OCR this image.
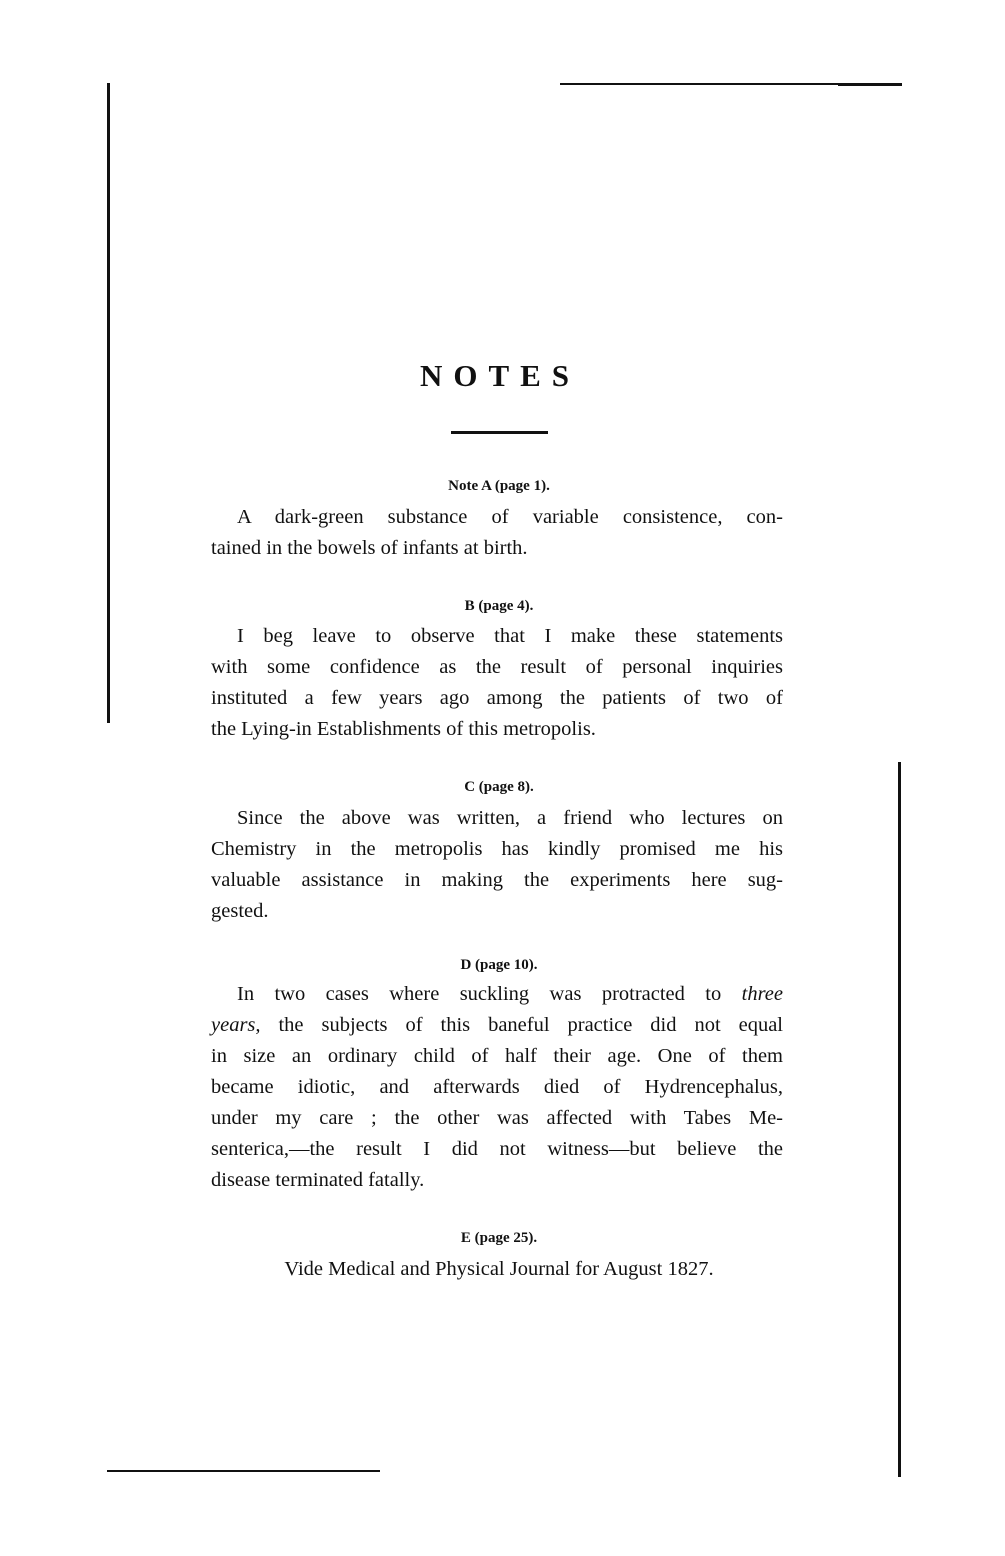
NOTES
Note A (page 1).
A dark-green substance of variable consistence, con-
tained in the bowels of infants at birth.
B (page 4).
I beg leave to observe that I make these statements
with some confidence as the result of personal inquiries
instituted a few years ago among the patients of two of
the Lying-in Establishments of this metropolis.
C (page 8).
Since the above was written, a friend who lectures on
Chemistry in the metropolis has kindly promised me his
valuable assistance in making the experiments here sug-
gested.
D (page 10).
In two cases where suckling was protracted to three
years, the subjects of this baneful practice did not equal
in size an ordinary child of half their age. One of them
became idiotic, and afterwards died of Hydrencephalus,
under my care ; the other was affected with Tabes Me-
senterica,—the result I did not witness—but believe the
disease terminated fatally.
E (page 25).
Vide Medical and Physical Journal for August 1827.
